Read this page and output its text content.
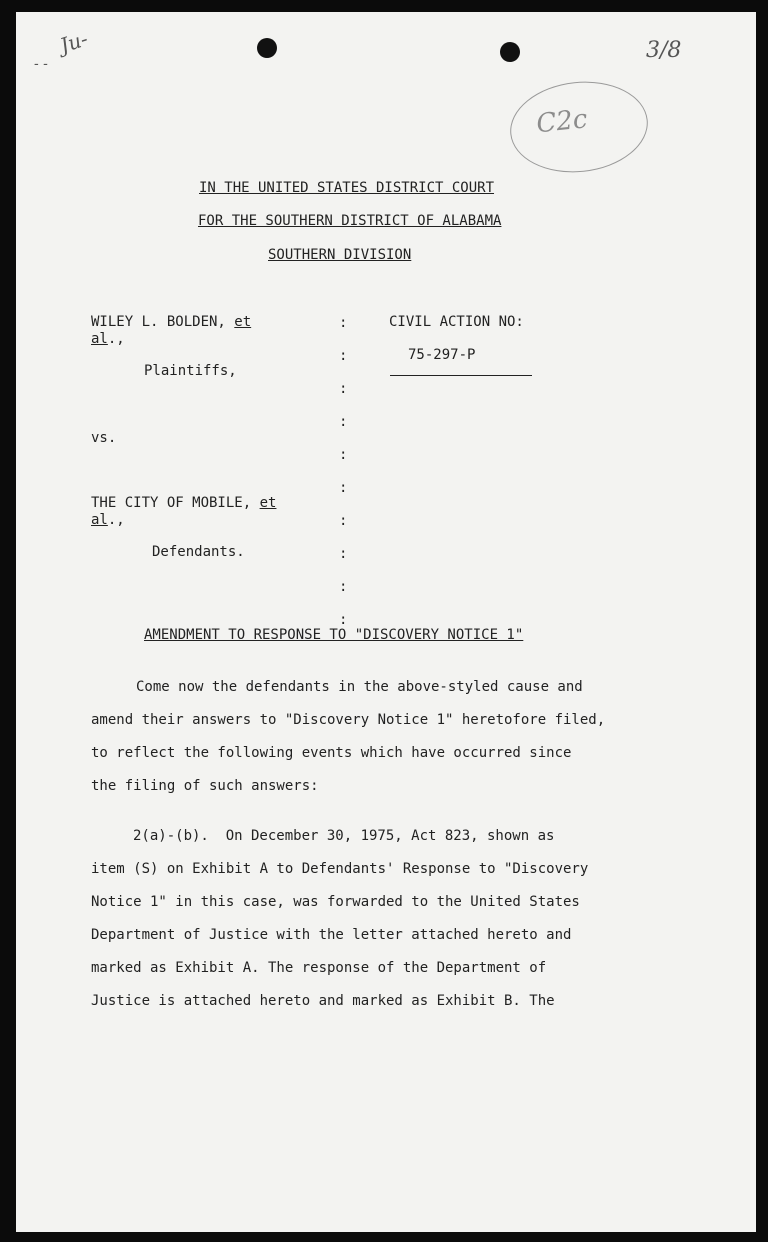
Ju-
- -
3/8
C2c
IN THE UNITED STATES DISTRICT COURT
FOR THE SOUTHERN DISTRICT OF ALABAMA
SOUTHERN DIVISION
WILEY L. BOLDEN, et
al.,
Plaintiffs,
vs.
THE CITY OF MOBILE, et
al.,
Defendants.
:
:
:
:
:
:
:
:
:
:
CIVIL ACTION NO:
75-297-P
AMENDMENT TO RESPONSE TO "DISCOVERY NOTICE 1"
Come now the defendants in the above-styled cause and
amend their answers to "Discovery Notice 1" heretofore filed,
to reflect the following events which have occurred since
the filing of such answers:
2(a)-(b).  On December 30, 1975, Act 823, shown as
item (S) on Exhibit A to Defendants' Response to "Discovery
Notice 1" in this case, was forwarded to the United States
Department of Justice with the letter attached hereto and
marked as Exhibit A. The response of the Department of
Justice is attached hereto and marked as Exhibit B. The
